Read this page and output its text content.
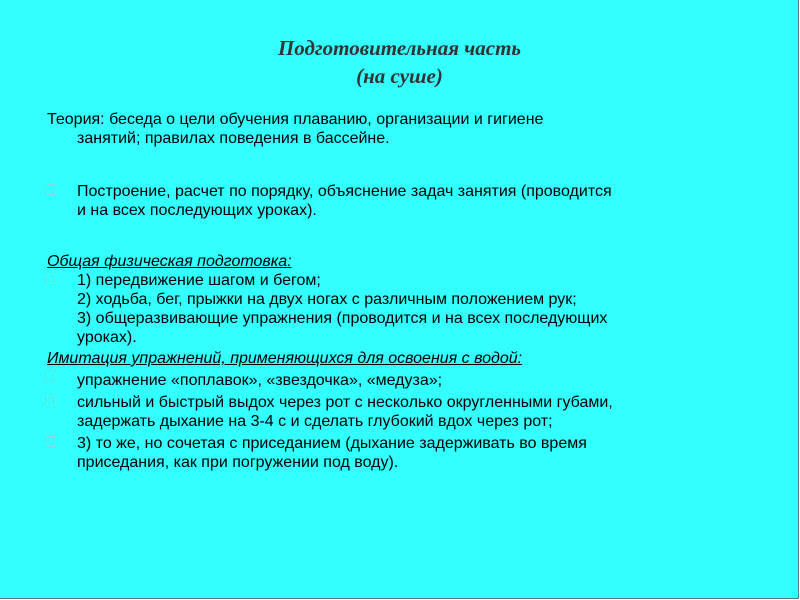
Подготовительная часть
(на суше)

Теория: беседа о цели обучения плаванию, организации и гигиене

занятий; правилах поведения в бассейне.

Построение, расчет по порядку, объяснение задач занятия (проводится

и на всех последующих уроках).

Общая физическая подготовка:

1) передвижение шагом и бегом;

2) ходьба, бег, прыжки на двух ногах с различным положением рук;

3) общеразвивающие упражнения (проводится и на всех последующих

уроках).

Имитация упражнений, применяющихся для освоения с водой:

упражнение «поплавок», «звездочка», «медуза»;

сильный и быстрый выдох через рот с несколько округленными губами,

задержать дыхание на 3-4 с и сделать глубокий вдох через рот;

3) то же, но сочетая с приседанием (дыхание задерживать во время

приседания, как при погружении под воду).
